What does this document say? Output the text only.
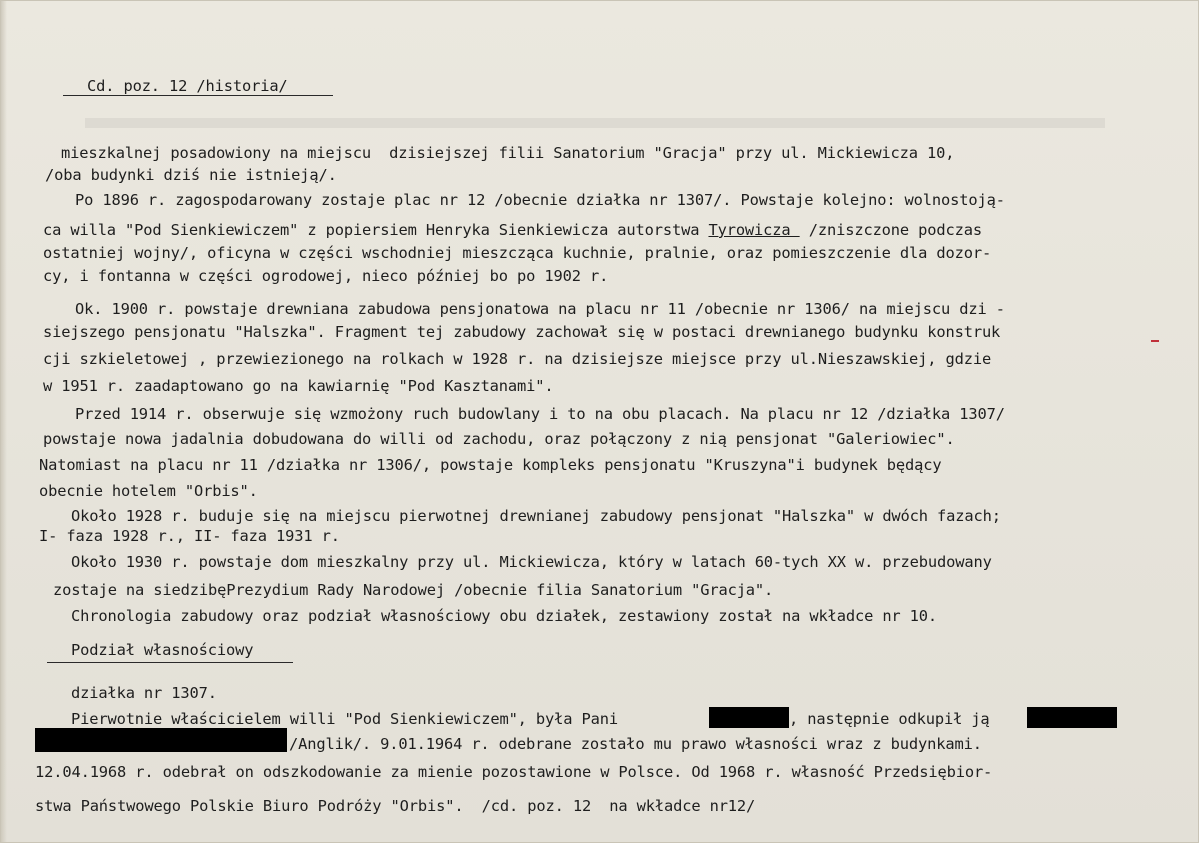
Cd. poz. 12 /historia/
mieszkalnej posadowiony na miejscu  dzisiejszej filii Sanatorium "Gracja" przy ul. Mickiewicza 10,
/oba budynki dziś nie istnieją/.
Po 1896 r. zagospodarowany zostaje plac nr 12 /obecnie działka nr 1307/. Powstaje kolejno: wolnostoją-
ca willa "Pod Sienkiewiczem" z popiersiem Henryka Sienkiewicza autorstwa Tyrowicza  /zniszczone podczas
ostatniej wojny/, oficyna w części wschodniej mieszcząca kuchnie, pralnie, oraz pomieszczenie dla dozor-
cy, i fontanna w części ogrodowej, nieco później bo po 1902 r.
Ok. 1900 r. powstaje drewniana zabudowa pensjonatowa na placu nr 11 /obecnie nr 1306/ na miejscu dzi -
siejszego pensjonatu "Halszka". Fragment tej zabudowy zachował się w postaci drewnianego budynku konstruk
cji szkieletowej , przewiezionego na rolkach w 1928 r. na dzisiejsze miejsce przy ul.Nieszawskiej, gdzie
w 1951 r. zaadaptowano go na kawiarnię "Pod Kasztanami".
Przed 1914 r. obserwuje się wzmożony ruch budowlany i to na obu placach. Na placu nr 12 /działka 1307/
powstaje nowa jadalnia dobudowana do willi od zachodu, oraz połączony z nią pensjonat "Galeriowiec".
Natomiast na placu nr 11 /działka nr 1306/, powstaje kompleks pensjonatu "Kruszyna"i budynek będący
obecnie hotelem "Orbis".
Około 1928 r. buduje się na miejscu pierwotnej drewnianej zabudowy pensjonat "Halszka" w dwóch fazach;
I- faza 1928 r., II- faza 1931 r.
Około 1930 r. powstaje dom mieszkalny przy ul. Mickiewicza, który w latach 60-tych XX w. przebudowany
zostaje na siedzibęPrezydium Rady Narodowej /obecnie filia Sanatorium "Gracja".
Chronologia zabudowy oraz podział własnościowy obu działek, zestawiony został na wkładce nr 10.
Podział własnościowy
działka nr 1307.
Pierwotnie właścicielem willi "Pod Sienkiewiczem", była Pani	, następnie odkupił ją
/Anglik/. 9.01.1964 r. odebrane zostało mu prawo własności wraz z budynkami.
12.04.1968 r. odebrał on odszkodowanie za mienie pozostawione w Polsce. Od 1968 r. własność Przedsiębior-
stwa Państwowego Polskie Biuro Podróży "Orbis".  /cd. poz. 12  na wkładce nr12/
